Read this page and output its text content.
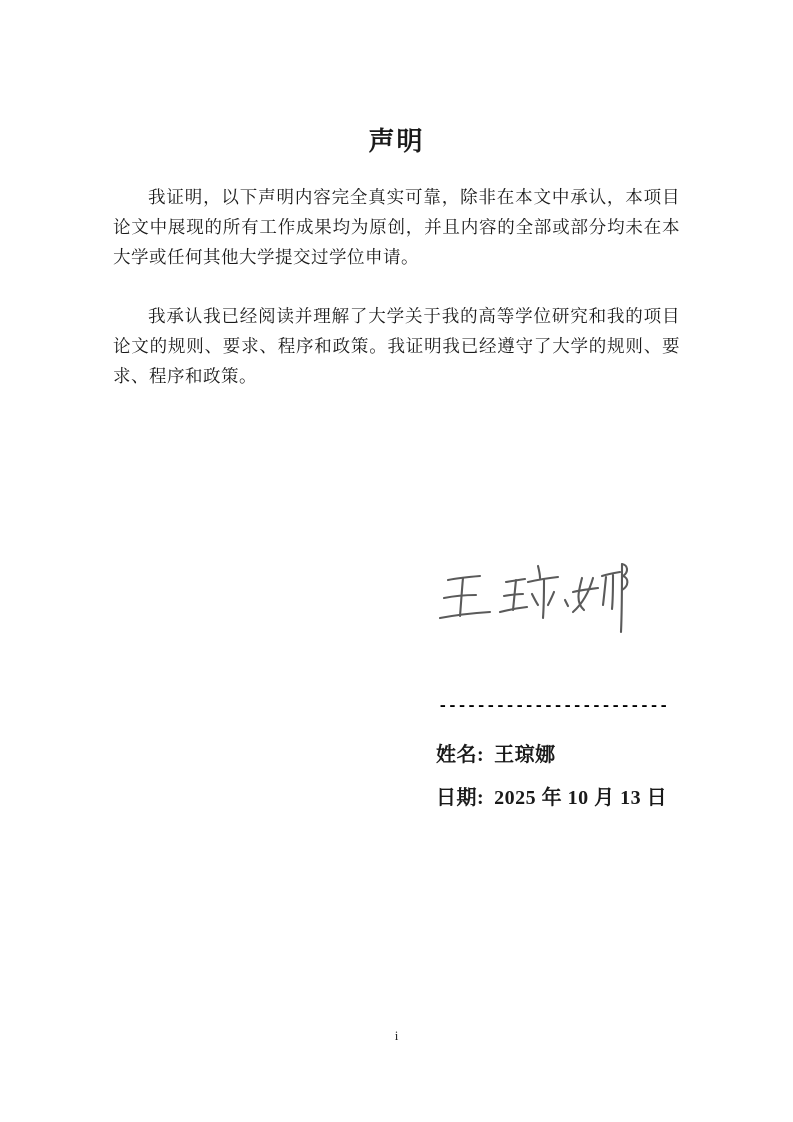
声明

我证明，以下声明内容完全真实可靠，除非在本文中承认，本项目论文中展现的所有工作成果均为原创，并且内容的全部或部分均未在本大学或任何其他大学提交过学位申请。

我承认我已经阅读并理解了大学关于我的高等学位研究和我的项目论文的规则、要求、程序和政策。我证明我已经遵守了大学的规则、要求、程序和政策。

------------------------
姓名: 王琼娜
日期: 2025 年 10 月 13 日
i
